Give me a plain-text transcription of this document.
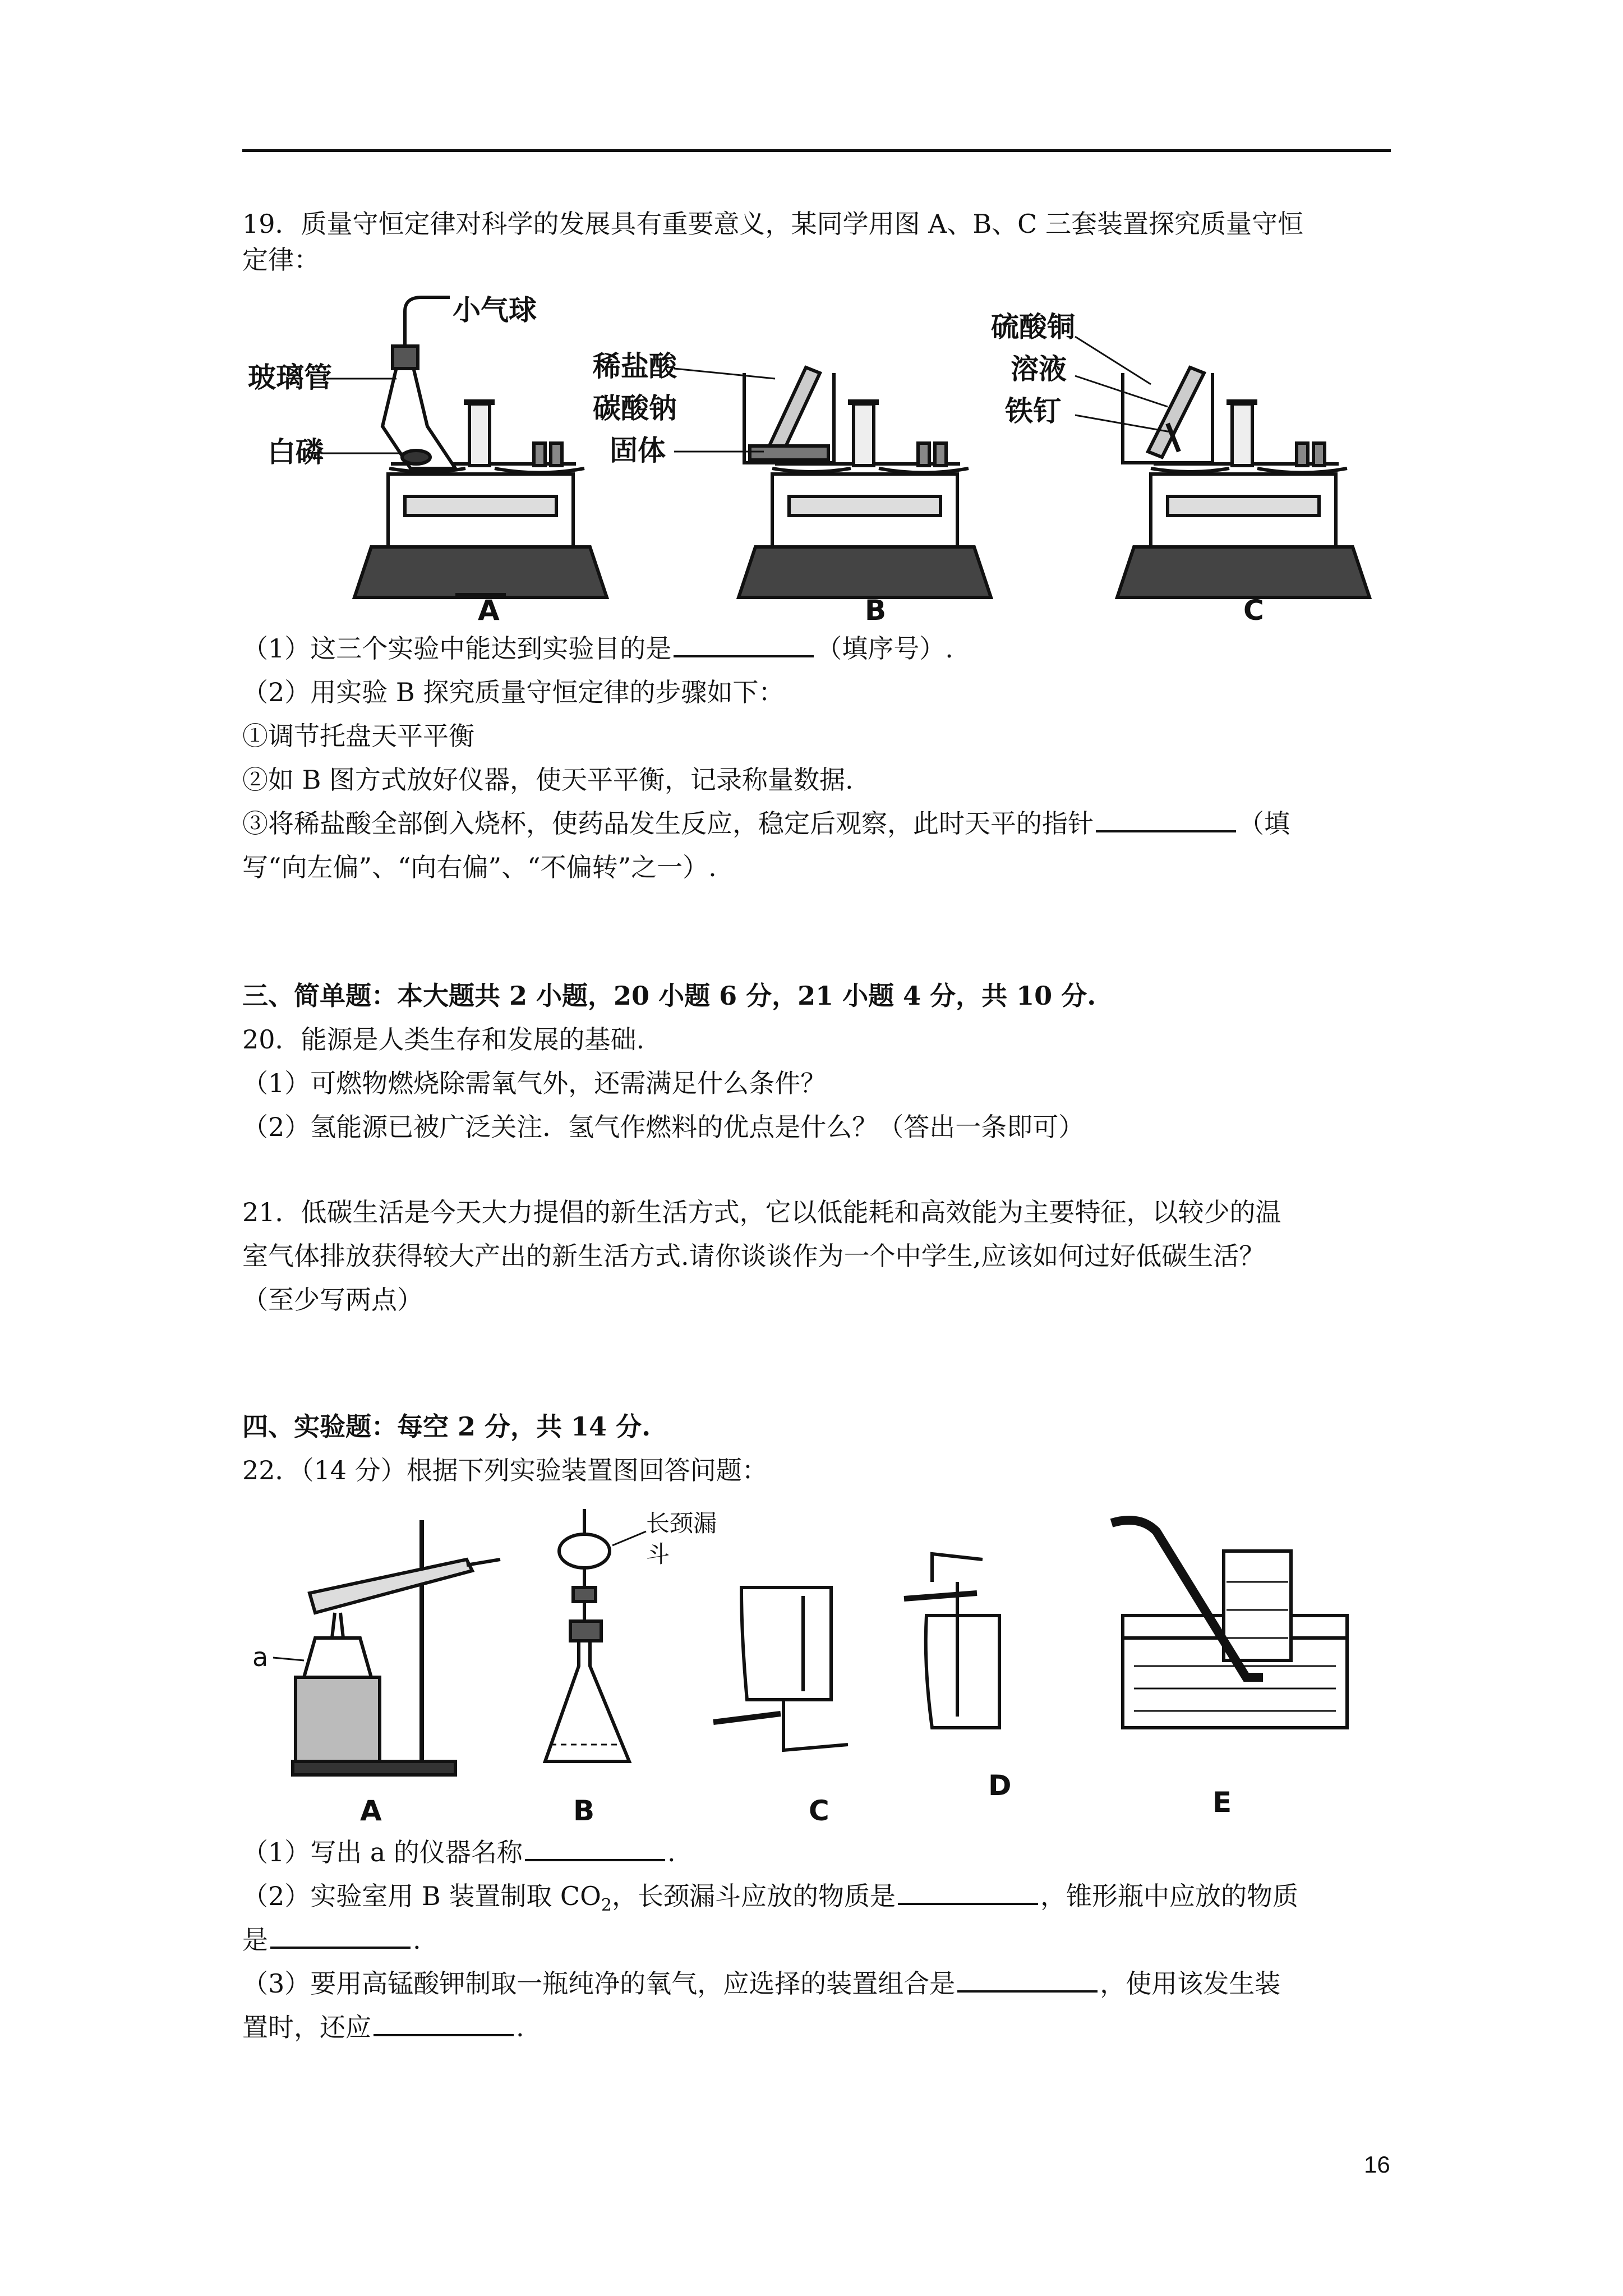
19．质量守恒定律对科学的发展具有重要意义，某同学用图 A、B、C 三套装置探究质量守恒
定律：
小气球
玻璃管
白磷
稀盐酸
碳酸钠
固体
硫酸铜
溶液
铁钉
A	B	C
（1）这三个实验中能达到实验目的是	（填序号）.
（2）用实验 B 探究质量守恒定律的步骤如下：
①调节托盘天平平衡
②如 B 图方式放好仪器，使天平平衡，记录称量数据.
③将稀盐酸全部倒入烧杯，使药品发生反应，稳定后观察，此时天平的指针	（填
写“向左偏”、“向右偏”、“不偏转”之一）.
三、简单题：本大题共 2 小题，20 小题 6 分，21 小题 4 分，共 10 分.
20．能源是人类生存和发展的基础.
（1）可燃物燃烧除需氧气外，还需满足什么条件？
（2）氢能源已被广泛关注．氢气作燃料的优点是什么？（答出一条即可）
21．低碳生活是今天大力提倡的新生活方式，它以低能耗和高效能为主要特征，以较少的温
室气体排放获得较大产出的新生活方式.请你谈谈作为一个中学生,应该如何过好低碳生活？
（至少写两点）
四、实验题：每空 2 分，共 14 分.
22．（14 分）根据下列实验装置图回答问题：
a
长颈漏
斗
A	B	C
D
E
（1）写出 a 的仪器名称	.
（2）实验室用 B 装置制取 $CO_2$，长颈漏斗应放的物质是	，锥形瓶中应放的物质
是	.
（3）要用高锰酸钾制取一瓶纯净的氧气，应选择的装置组合是	，使用该发生装
置时，还应	.
16
